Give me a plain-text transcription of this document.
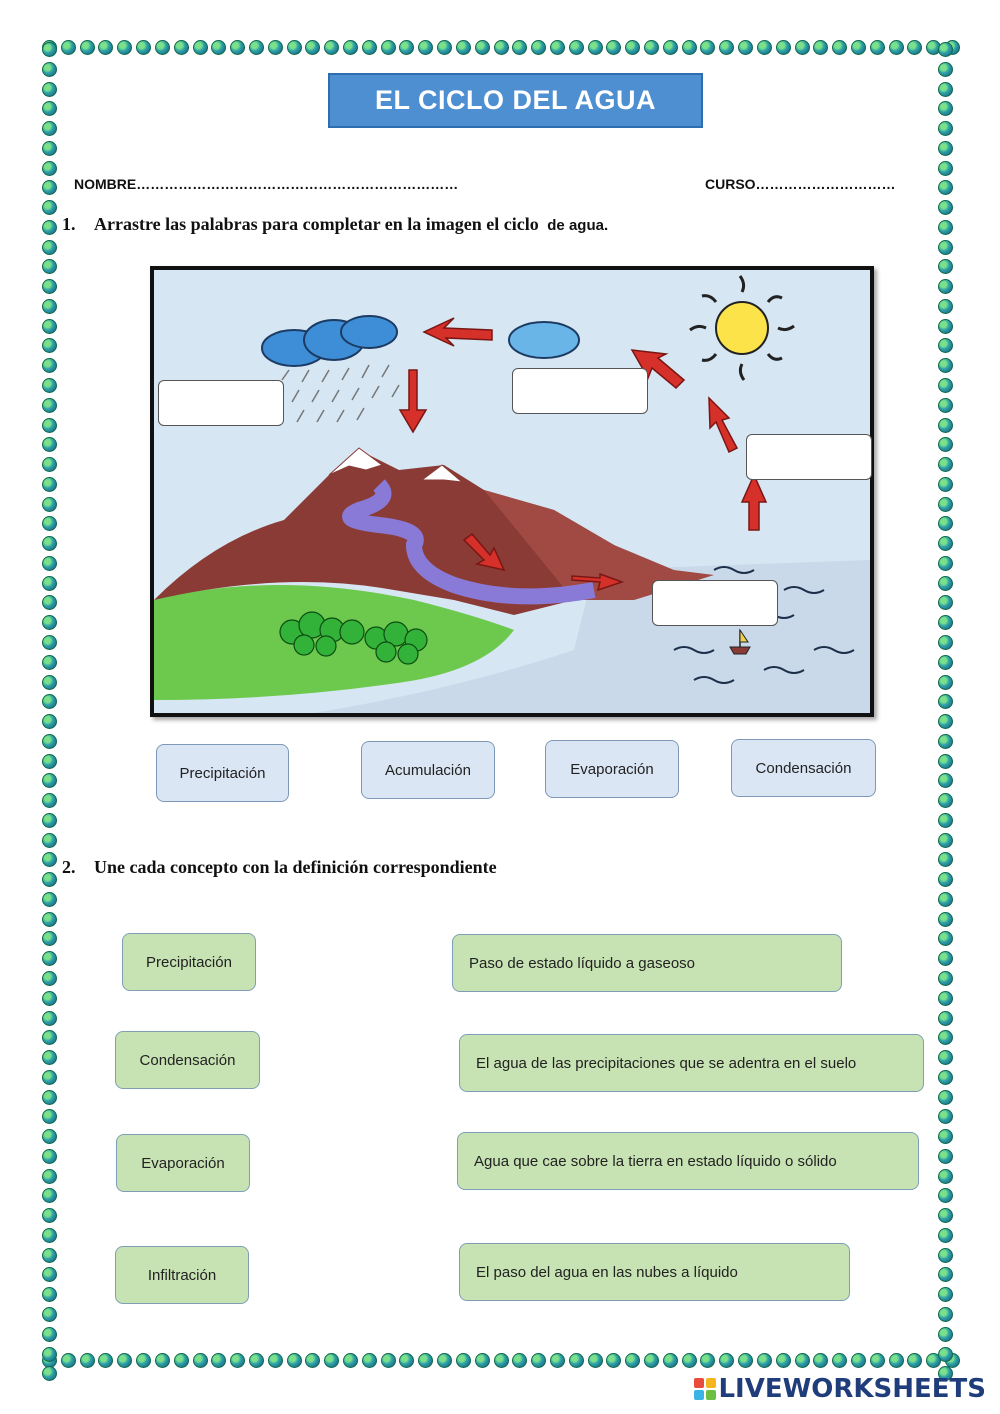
EL CICLO DEL AGUA
NOMBRE……………………………………………………………	CURSO…………………………
1. Arrastre las palabras para completar en la imagen el ciclo de agua.
Precipitación	Acumulación	Evaporación	Condensación
2. Une cada concepto con la definición correspondiente
Precipitación
Condensación
Evaporación
Infiltración
Paso de estado líquido a gaseoso
El agua de las precipitaciones que se adentra en el suelo
Agua que cae sobre la tierra en estado líquido o sólido
El paso del agua en las nubes a líquido
LIVEWORKSHEETS
